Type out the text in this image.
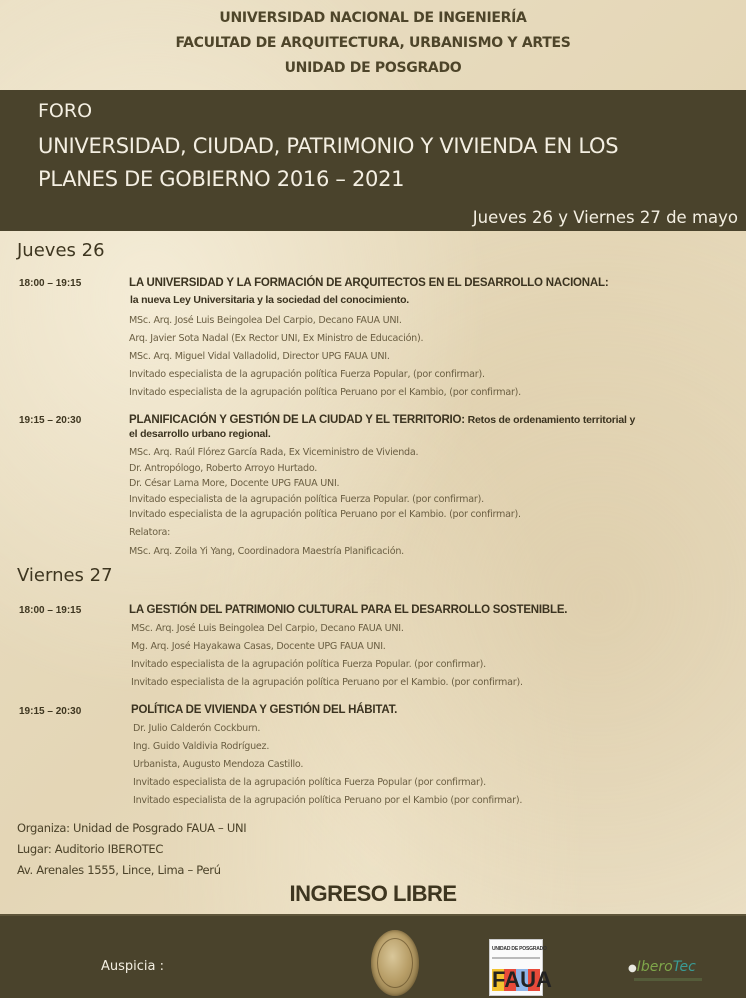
UNIVERSIDAD NACIONAL DE INGENIERÍA
FACULTAD DE ARQUITECTURA, URBANISMO Y ARTES
UNIDAD DE POSGRADO
FORO
UNIVERSIDAD, CIUDAD, PATRIMONIO Y VIVIENDA EN LOS
PLANES DE GOBIERNO 2016 – 2021
Jueves 26 y Viernes 27 de mayo
Jueves 26
18:00 – 19:15	LA UNIVERSIDAD Y LA FORMACIÓN DE ARQUITECTOS EN EL DESARROLLO NACIONAL:
la nueva Ley Universitaria y la sociedad del conocimiento.
MSc. Arq. José Luis Beingolea Del Carpio, Decano FAUA UNI.
Arq. Javier Sota Nadal (Ex Rector UNI, Ex Ministro de Educación).
MSc. Arq. Miguel Vidal Valladolid, Director UPG FAUA UNI.
Invitado especialista de la agrupación política Fuerza Popular, (por confirmar).
Invitado especialista de la agrupación política Peruano por el Kambio, (por confirmar).
19:15 – 20:30	PLANIFICACIÓN Y GESTIÓN DE LA CIUDAD Y EL TERRITORIO: Retos de ordenamiento territorial y
el desarrollo urbano regional.
MSc. Arq. Raúl Flórez García Rada, Ex Viceministro de Vivienda.
Dr. Antropólogo, Roberto Arroyo Hurtado.
Dr. César Lama More, Docente UPG FAUA UNI.
Invitado especialista de la agrupación política Fuerza Popular. (por confirmar).
Invitado especialista de la agrupación política Peruano por el Kambio. (por confirmar).
Relatora:
MSc. Arq. Zoila Yi Yang, Coordinadora Maestría Planificación.
Viernes 27
18:00 – 19:15	LA GESTIÓN DEL PATRIMONIO CULTURAL PARA EL DESARROLLO SOSTENIBLE.
MSc. Arq. José Luis Beingolea Del Carpio, Decano FAUA UNI.
Mg. Arq. José Hayakawa Casas, Docente UPG FAUA UNI.
Invitado especialista de la agrupación política Fuerza Popular. (por confirmar).
Invitado especialista de la agrupación política Peruano por el Kambio. (por confirmar).
19:15 – 20:30	POLÍTICA DE VIVIENDA Y GESTIÓN DEL HÁBITAT.
Dr. Julio Calderón Cockburn.
Ing. Guido Valdivia Rodríguez.
Urbanista, Augusto Mendoza Castillo.
Invitado especialista de la agrupación política Fuerza Popular (por confirmar).
Invitado especialista de la agrupación política Peruano por el Kambio (por confirmar).
Organiza: Unidad de Posgrado FAUA – UNI
Lugar: Auditorio IBEROTEC
Av. Arenales 1555, Lince, Lima – Perú
INGRESO LIBRE
Auspicia :
UNIDAD DE POSGRADO
FAUA	●IberoTec
